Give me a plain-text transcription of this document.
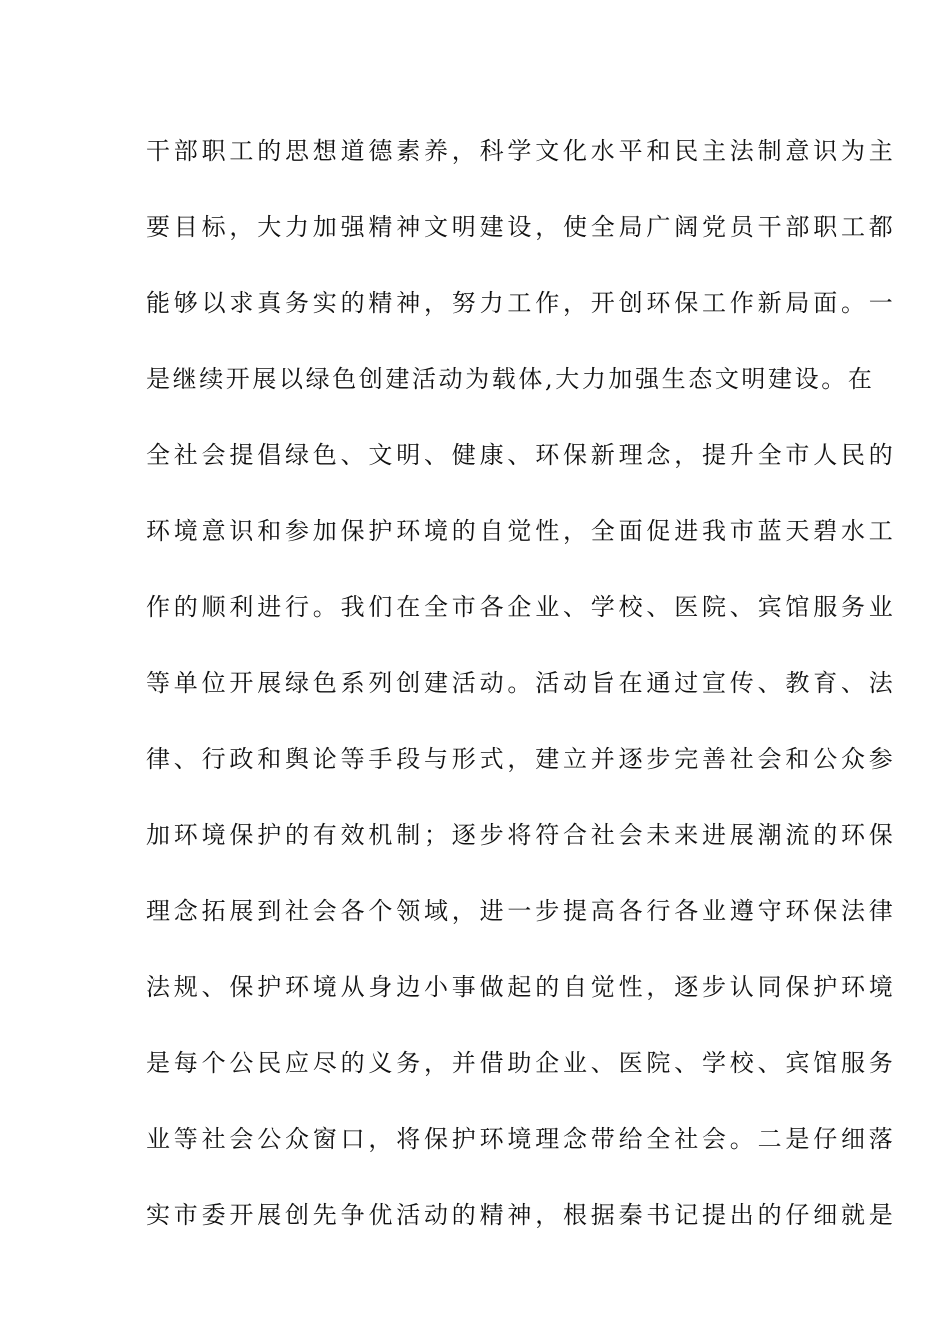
干部职工的思想道德素养，科学文化水平和民主法制意识为主
要目标，大力加强精神文明建设，使全局广阔党员干部职工都
能够以求真务实的精神，努力工作，开创环保工作新局面。一
是继续开展以绿色创建活动为载体,大力加强生态文明建设。在
全社会提倡绿色、文明、健康、环保新理念，提升全市人民的
环境意识和参加保护环境的自觉性，全面促进我市蓝天碧水工
作的顺利进行。我们在全市各企业、学校、医院、宾馆服务业
等单位开展绿色系列创建活动。活动旨在通过宣传、教育、法
律、行政和舆论等手段与形式，建立并逐步完善社会和公众参
加环境保护的有效机制；逐步将符合社会未来进展潮流的环保
理念拓展到社会各个领域，进一步提高各行各业遵守环保法律
法规、保护环境从身边小事做起的自觉性，逐步认同保护环境
是每个公民应尽的义务，并借助企业、医院、学校、宾馆服务
业等社会公众窗口，将保护环境理念带给全社会。二是仔细落
实市委开展创先争优活动的精神，根据秦书记提出的仔细就是
